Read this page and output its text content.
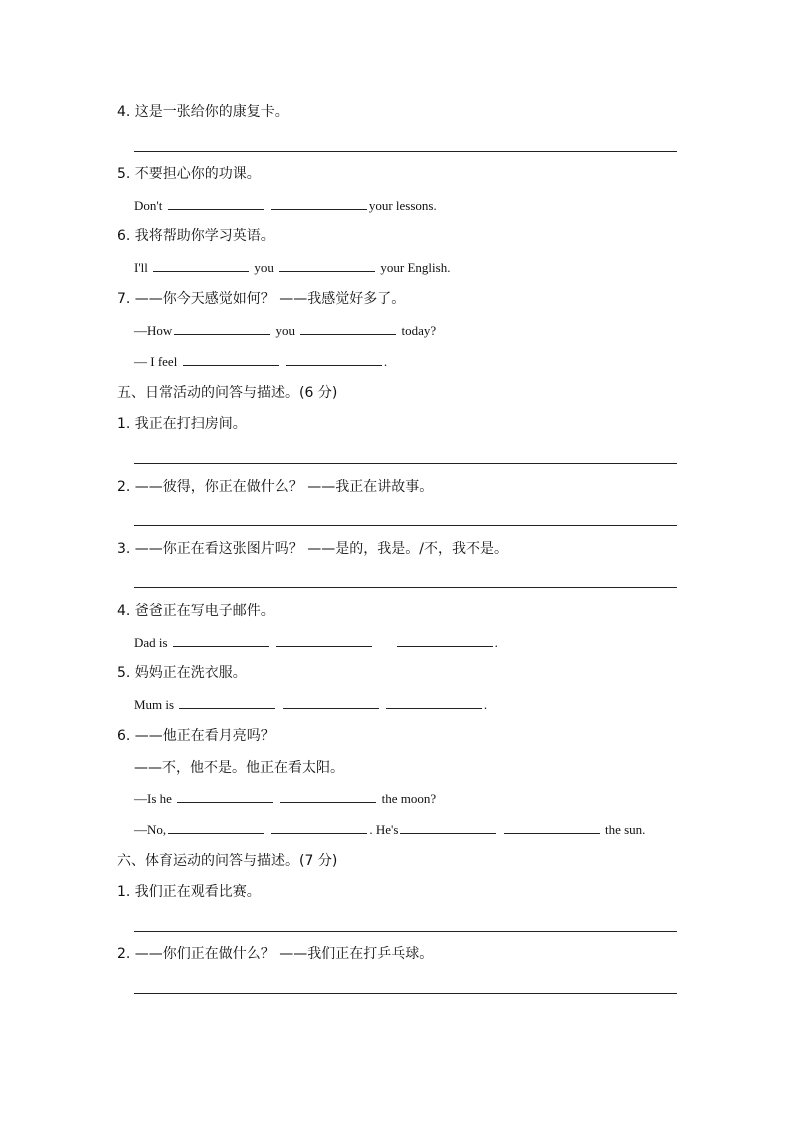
4. 这是一张给你的康复卡。
5. 不要担心你的功课。
Don't	your lessons.
6. 我将帮助你学习英语。
I'll	you	your English.
7. ——你今天感觉如何？ ——我感觉好多了。
—How	you	today?
— I feel	.
五、日常活动的问答与描述。(6 分)
1. 我正在打扫房间。
2. ——彼得，你正在做什么？ ——我正在讲故事。
3. ——你正在看这张图片吗？ ——是的，我是。/不，我不是。
4. 爸爸正在写电子邮件。
Dad is	.
5. 妈妈正在洗衣服。
Mum is	.
6. ——他正在看月亮吗？
——不，他不是。他正在看太阳。
—Is he	the moon?
—No,	. He's	the sun.
六、体育运动的问答与描述。(7 分)
1. 我们正在观看比赛。
2. ——你们正在做什么？ ——我们正在打乒乓球。
